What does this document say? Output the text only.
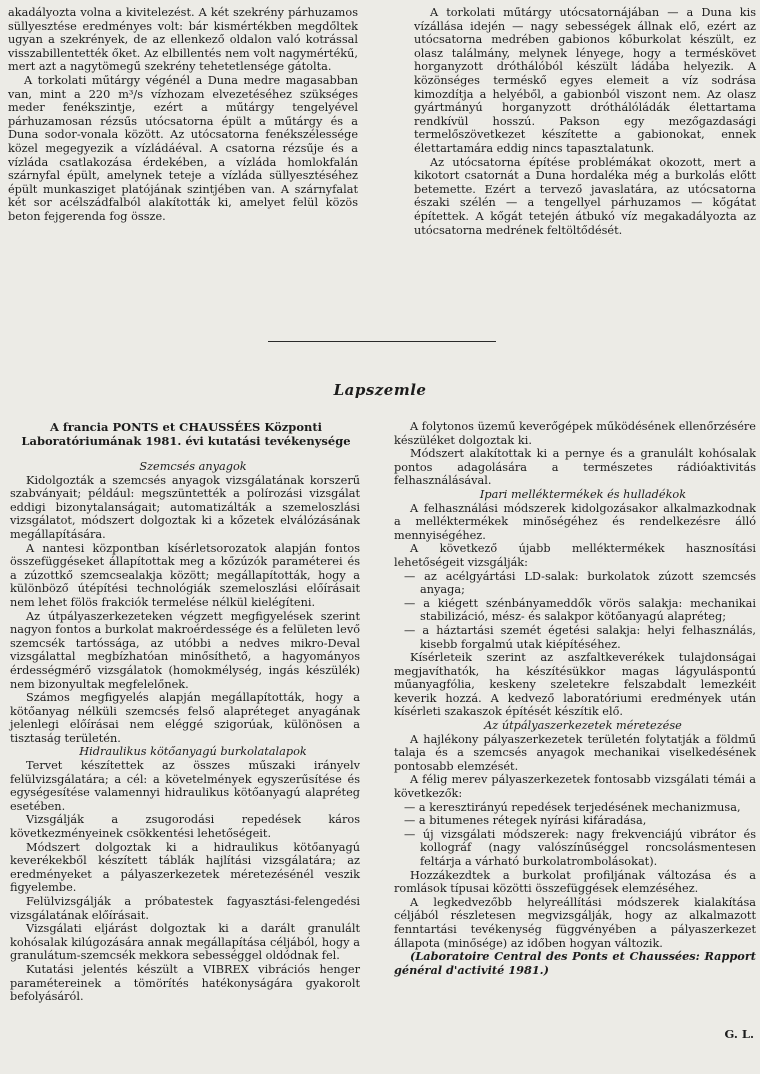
akadályozta volna a kivitelezést. A két szekrény párhuzamos süllyesztése eredményes volt: bár kismértékben megdőltek ugyan a szekrények, de az ellenkező oldalon való kotrással visszabillentették őket. Az elbillentés nem volt nagymértékű, mert azt a nagytömegű szekrény tehetetlensége gátolta.

A torkolati műtárgy végénél a Duna medre magasabban van, mint a 220 m³/s vízhozam elvezetéséhez szükséges meder fenékszintje, ezért a műtárgy tengelyével párhuzamosan rézsűs utócsatorna épült a műtárgy és a Duna sodor-vonala között. Az utócsatorna fenékszélessége közel megegyezik a vízládáéval. A csatorna rézsűje és a vízláda csatlakozása érdekében, a vízláda homlokfalán szárnyfal épült, amelynek teteje a vízláda süllyesztéséhez épült munkasziget platójának szintjében van. A szárnyfalat két sor acélszádfalból alakították ki, amelyet felül közös beton fejgerenda fog össze.

A torkolati műtárgy utócsatornájában — a Duna kis vízállása idején — nagy sebességek állnak elő, ezért az utócsatorna medrében gabionos kőburkolat készült, ez olasz találmány, melynek lényege, hogy a terméskövet horganyzott dróthálóból készült ládába helyezik. A közönséges terméskő egyes elemeit a víz sodrása kimozdítja a helyéből, a gabionból viszont nem. Az olasz gyártmányú horganyzott dróthálóládák élettartama rendkívül hosszú. Pakson egy mezőgazdasági termelőszövetkezet készítette a gabionokat, ennek élettartamára eddig nincs tapasztalatunk.

Az utócsatorna építése problémákat okozott, mert a kikotort csatornát a Duna hordaléka még a burkolás előtt betemette. Ezért a tervező javaslatára, az utócsatorna északi szélén — a tengellyel párhuzamos — kőgátat építettek. A kőgát tetején átbukó víz megakadályozta az utócsatorna medrének feltöltődését.

Lapszemle
A francia PONTS et CHAUSSÉES Központi Laboratóriumának 1981. évi kutatási tevékenysége

Szemcsés anyagok

Kidolgozták a szemcsés anyagok vizsgálatának korszerű szabványait; például: megszüntették a polírozási vizsgálat eddigi bizonytalanságait; automatizálták a szemeloszlási vizsgálatot, módszert dolgoztak ki a kőzetek elválózásának megállapítására.

A nantesi központban kísérletsorozatok alapján fontos összefüggéseket állapítottak meg a kőzúzók paraméterei és a zúzottkő szemcsealakja között; megállapították, hogy a különböző útépítési technológiák szemeloszlási előírásait nem lehet fölös frakciók termelése nélkül kielégíteni.

Az útpályaszerkezeteken végzett megfigyelések szerint nagyon fontos a burkolat makroérdessége és a felületen levő szemcsék tartóssága, az utóbbi a nedves mikro-Deval vizsgálattal megbízhatóan minősíthető, a hagyományos érdességmérő vizsgálatok (homokmélység, ingás készülék) nem bizonyultak megfelelőnek.

Számos megfigyelés alapján megállapították, hogy a kötőanyag nélküli szemcsés felső alapréteget anyagának jelenlegi előírásai nem eléggé szigorúak, különösen a tisztaság területén.

Hidraulikus kötőanyagú burkolatalapok

Tervet készítettek az összes műszaki irányelv felülvizsgálatára; a cél: a követelmények egyszerűsítése és egységesítése valamennyi hidraulikus kötőanyagú alapréteg esetében.

Vizsgálják a zsugorodási repedések káros következményeinek csökkentési lehetőségeit.

Módszert dolgoztak ki a hidraulikus kötőanyagú keverékekből készített táblák hajlítási vizsgálatára; az eredményeket a pályaszerkezetek méretezésénél veszik figyelembe.

Felülvizsgálják a próbatestek fagyasztási-felengedési vizsgálatának előírásait.

Vizsgálati eljárást dolgoztak ki a darált granulált kohósalak kilúgozására annak megállapítása céljából, hogy a granulátum-szemcsék mekkora sebességgel oldódnak fel.

Kutatási jelentés készült a VIBREX vibrációs henger paramétereinek a tömörítés hatékonyságára gyakorolt befolyásáról.

A folytonos üzemű keverőgépek működésének ellenőrzésére készüléket dolgoztak ki.

Módszert alakítottak ki a pernye és a granulált kohósalak pontos adagolására a természetes rádióaktivitás felhasználásával.

Ipari melléktermékek és hulladékok

A felhasználási módszerek kidolgozásakor alkalmazkodnak a melléktermékek minőségéhez és rendelkezésre álló mennyiségéhez.

A következő újabb melléktermékek hasznosítási lehetőségeit vizsgálják:

— az acélgyártási LD-salak: burkolatok zúzott szemcsés anyaga;
— a kiégett szénbányameddők vörös salakja: mechanikai stabilizáció, mész- és salakpor kötőanyagú alapréteg;
— a háztartási szemét égetési salakja: helyi felhasználás, kisebb forgalmú utak kiépítéséhez.

Kísérleteik szerint az aszfaltkeverékek tulajdonságai megjavíthatók, ha készítésükkor magas lágyuláspontú műanyagfólia, keskeny szeletekre felszabdalt lemezkéit keverik hozzá. A kedvező laboratóriumi eredmények után kísérleti szakaszok építését készítik elő.

Az útpályaszerkezetek méretezése

A hajlékony pályaszerkezetek területén folytatják a földmű talaja és a szemcsés anyagok mechanikai viselkedésének pontosabb elemzését.

A félig merev pályaszerkezetek fontosabb vizsgálati témái a következők:

— a keresztirányú repedések terjedésének mechanizmusa,
— a bitumenes rétegek nyírási kifáradása,
— új vizsgálati módszerek: nagy frekvenciájú vibrátor és kollográf (nagy valószínűséggel roncsolásmentesen feltárja a várható burkolatrombolásokat).

Hozzákezdtek a burkolat profiljának változása és a romlások típusai közötti összefüggések elemzéséhez.

A legkedvezőbb helyreállítási módszerek kialakítása céljából részletesen megvizsgálják, hogy az alkalmazott fenntartási tevékenység függvényében a pályaszerkezet állapota (minősége) az időben hogyan változik.

(Laboratoire Central des Ponts et Chaussées: Rapport général d'activité 1981.)

G. L.
